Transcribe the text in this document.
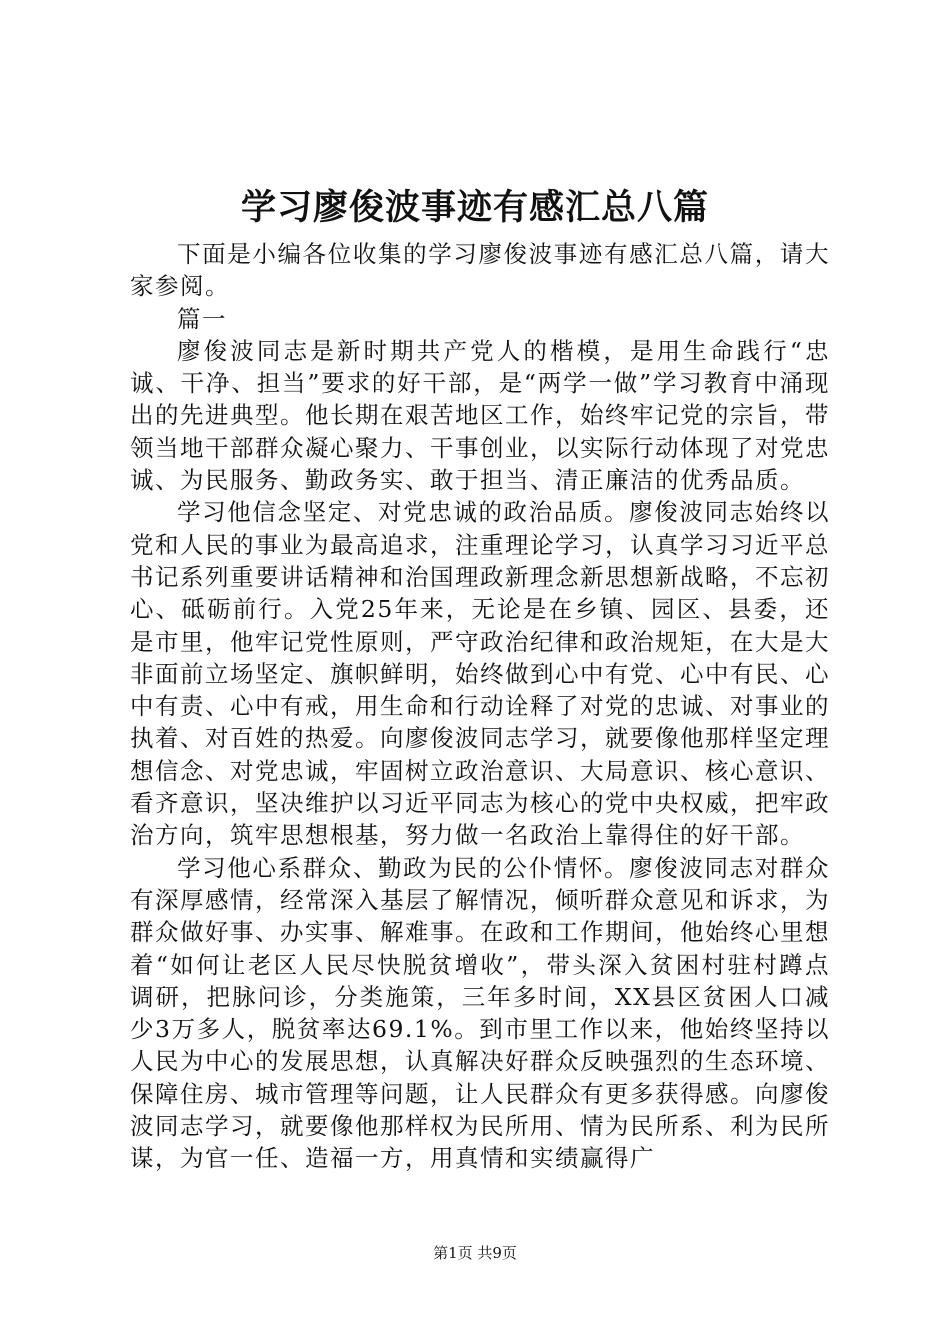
学习廖俊波事迹有感汇总八篇

下面是小编各位收集的学习廖俊波事迹有感汇总八篇，请大家参阅。

篇一

廖俊波同志是新时期共产党人的楷模，是用生命践行“忠诚、干净、担当”要求的好干部，是“两学一做”学习教育中涌现出的先进典型。他长期在艰苦地区工作，始终牢记党的宗旨，带领当地干部群众凝心聚力、干事创业，以实际行动体现了对党忠诚、为民服务、勤政务实、敢于担当、清正廉洁的优秀品质。

学习他信念坚定、对党忠诚的政治品质。廖俊波同志始终以党和人民的事业为最高追求，注重理论学习，认真学习习近平总书记系列重要讲话精神和治国理政新理念新思想新战略，不忘初心、砥砺前行。入党25年来，无论是在乡镇、园区、县委，还是市里，他牢记党性原则，严守政治纪律和政治规矩，在大是大非面前立场坚定、旗帜鲜明，始终做到心中有党、心中有民、心中有责、心中有戒，用生命和行动诠释了对党的忠诚、对事业的执着、对百姓的热爱。向廖俊波同志学习，就要像他那样坚定理想信念、对党忠诚，牢固树立政治意识、大局意识、核心意识、看齐意识，坚决维护以习近平同志为核心的党中央权威，把牢政治方向，筑牢思想根基，努力做一名政治上靠得住的好干部。

学习他心系群众、勤政为民的公仆情怀。廖俊波同志对群众有深厚感情，经常深入基层了解情况，倾听群众意见和诉求，为群众做好事、办实事、解难事。在政和工作期间，他始终心里想着“如何让老区人民尽快脱贫增收”，带头深入贫困村驻村蹲点调研，把脉问诊，分类施策，三年多时间，XX县区贫困人口减少3万多人，脱贫率达69.1%。到市里工作以来，他始终坚持以人民为中心的发展思想，认真解决好群众反映强烈的生态环境、保障住房、城市管理等问题，让人民群众有更多获得感。向廖俊波同志学习，就要像他那样权为民所用、情为民所系、利为民所谋，为官一任、造福一方，用真情和实绩赢得广

第1页 共9页
